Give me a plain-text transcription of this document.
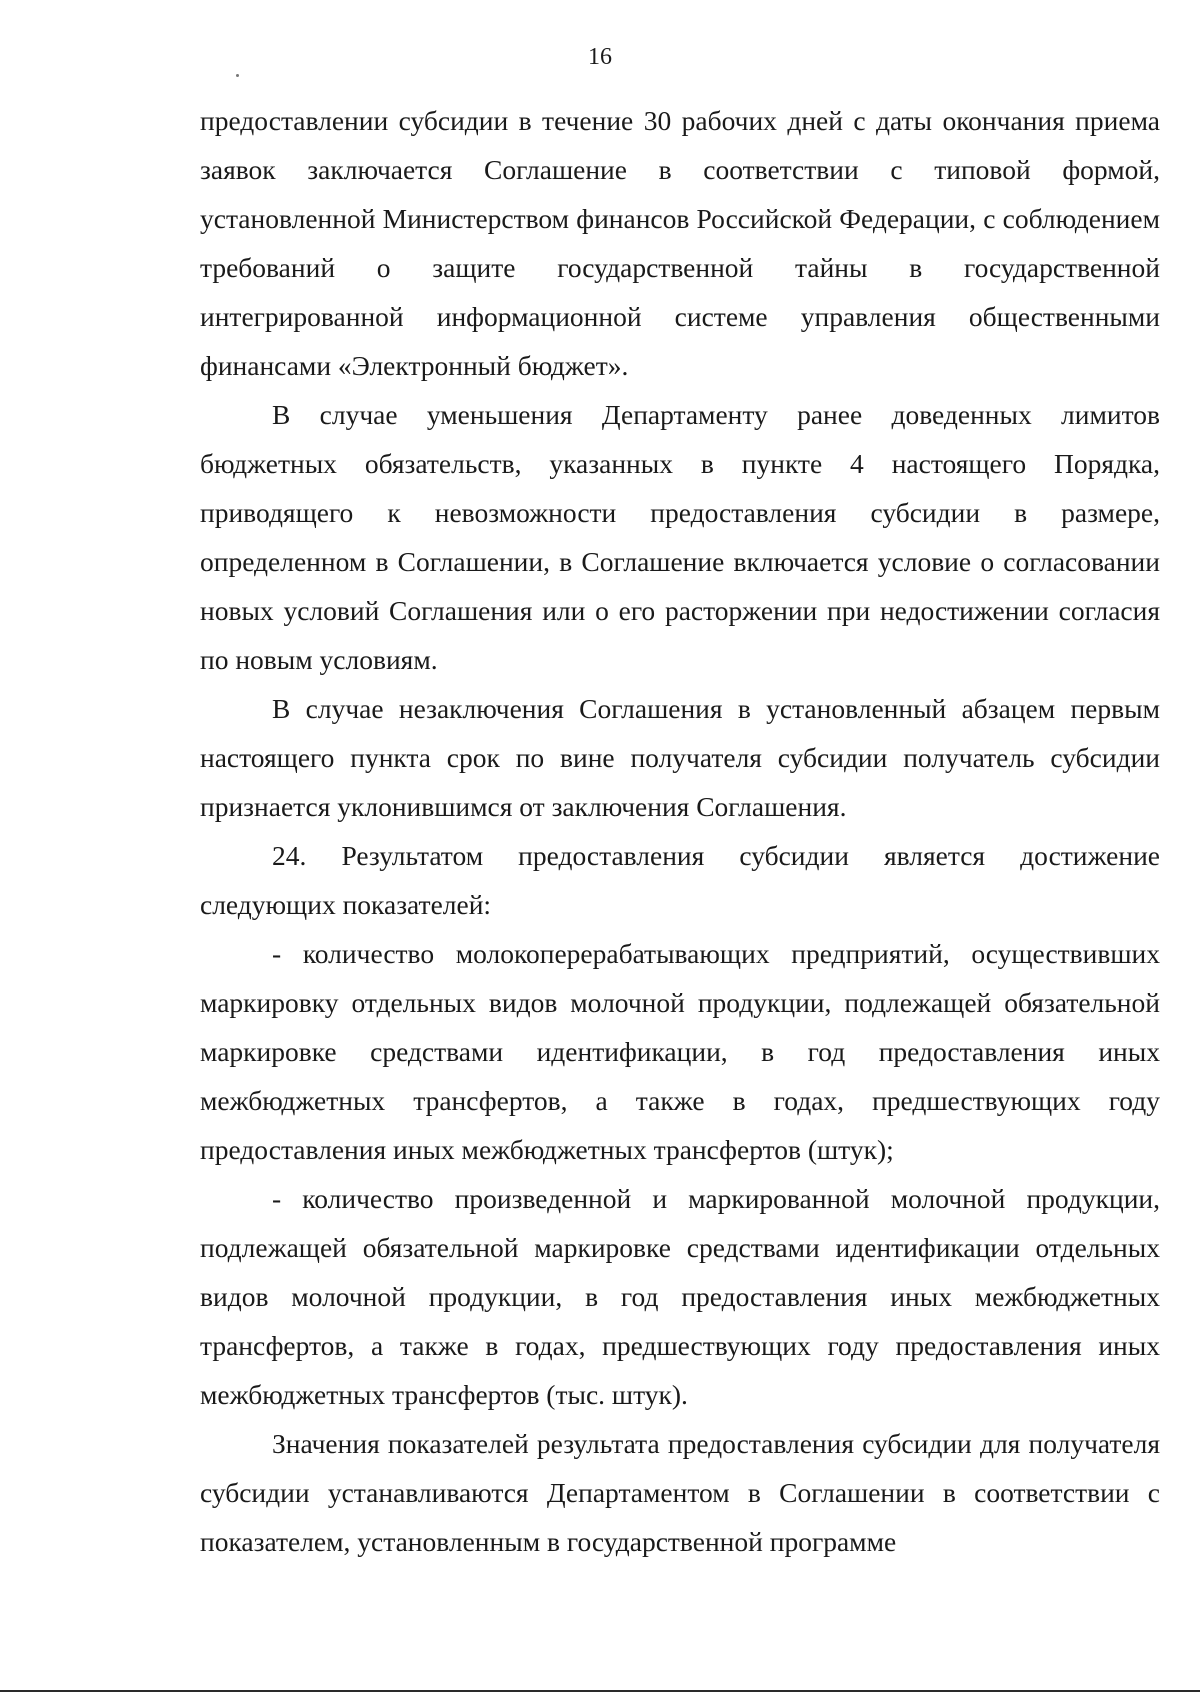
16

предоставлении субсидии в течение 30 рабочих дней с даты окончания приема заявок заключается Соглашение в соответствии с типовой формой, установленной Министерством финансов Российской Федерации, с соблюдением требований о защите государственной тайны в государственной интегрированной информационной системе управления общественными финансами «Электронный бюджет».

В случае уменьшения Департаменту ранее доведенных лимитов бюджетных обязательств, указанных в пункте 4 настоящего Порядка, приводящего к невозможности предоставления субсидии в размере, определенном в Соглашении, в Соглашение включается условие о согласовании новых условий Соглашения или о его расторжении при недостижении согласия по новым условиям.

В случае незаключения Соглашения в установленный абзацем первым настоящего пункта срок по вине получателя субсидии получатель субсидии признается уклонившимся от заключения Соглашения.

24. Результатом предоставления субсидии является достижение следующих показателей:

- количество молокоперерабатывающих предприятий, осуществивших маркировку отдельных видов молочной продукции, подлежащей обязательной маркировке средствами идентификации, в год предоставления иных межбюджетных трансфертов, а также в годах, предшествующих году предоставления иных межбюджетных трансфертов (штук);

- количество произведенной и маркированной молочной продукции, подлежащей обязательной маркировке средствами идентификации отдельных видов молочной продукции, в год предоставления иных межбюджетных трансфертов, а также в годах, предшествующих году предоставления иных межбюджетных трансфертов (тыс. штук).

Значения показателей результата предоставления субсидии для получателя субсидии устанавливаются Департаментом в Соглашении в соответствии с показателем, установленным в государственной программе
